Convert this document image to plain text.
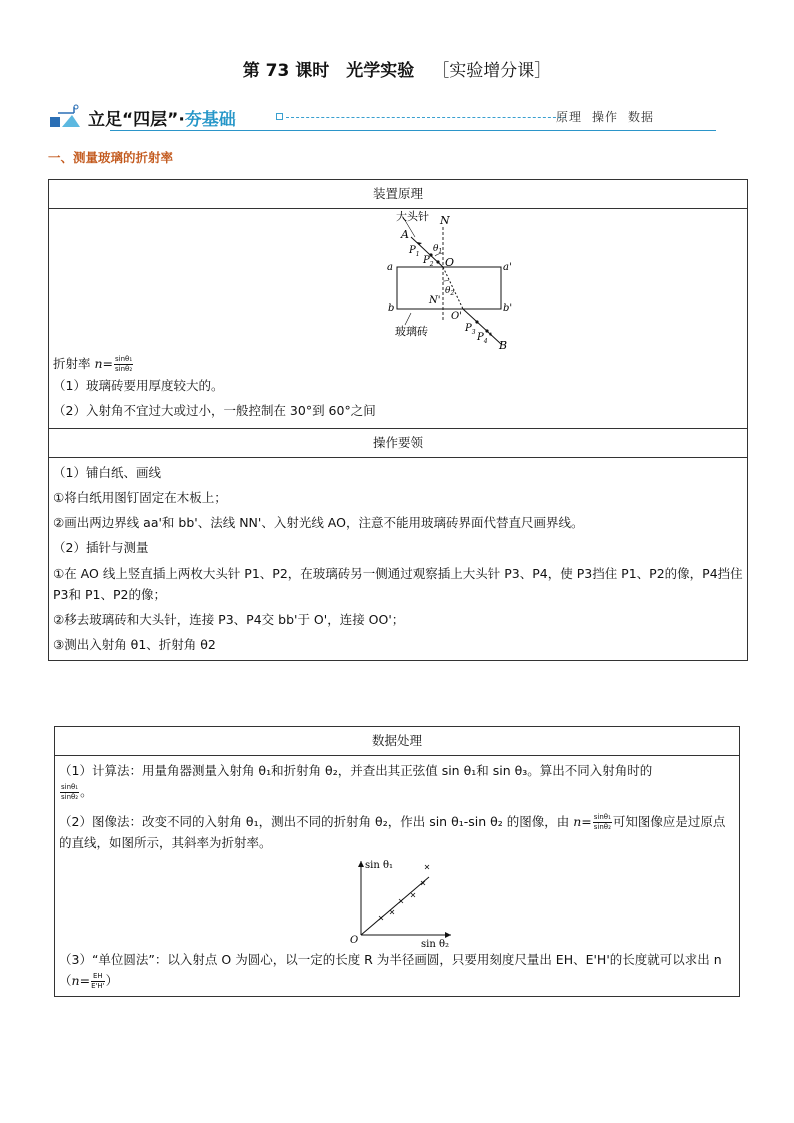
第 73 课时　光学实验 ［实验增分课］
立足“四层”·夯基础	原理 操作 数据
一、测量玻璃的折射率
装置原理

大头针 N
A
$P_1$
$\theta_1$
$P_2$ O
a	a'
b	b'
$\theta_2$
N'
O'
$P_3$ $P_4$ B
玻璃砖
折射率 $n= \frac{\text{sinθ₁}}{\text{sinθ₂}}$

（1）玻璃砖要用厚度较大的。

（2）入射角不宜过大或过小，一般控制在 30°到 60°之间

操作要领

（1）铺白纸、画线

①将白纸用图钉固定在木板上；

②画出两边界线 aa'和 bb'、法线 NN'、入射光线 AO，注意不能用玻璃砖界面代替直尺画界线。

（2）插针与测量

①在 AO 线上竖直插上两枚大头针 P1、P2，在玻璃砖另一侧通过观察插上大头针 P3、P4，使 P3挡住 P1、P2的像，P4挡住 P3和 P1、P2的像；

②移去玻璃砖和大头针，连接 P3、P4交 bb'于 O'，连接 OO'；

③测出入射角 θ1、折射角 θ2

数据处理

（1）计算法：用量角器测量入射角 θ₁和折射角 θ₂，并查出其正弦值 sin θ₁和 sin θ₃。算出不同入射角时的

$\frac{\text{sinθ₁}}{\text{sinθ₂}}$ 。
（2）图像法：改变不同的入射角 θ₁，测出不同的折射角 θ₂，作出 sin θ₁-sin θ₂ 的图像，由 $n= \frac{\text{sinθ₁}}{\text{sinθ₂}}$ 可知图像应是过原点的直线，如图所示，其斜率为折射率。
sin θ₁
sin θ₂
O
（3）“单位圆法”：以入射点 O 为圆心，以一定的长度 R 为半径画圆，只要用刻度尺量出 EH、E'H'的长度就可以求出 $n(n= \frac{EH}{E'H'}$ ）
